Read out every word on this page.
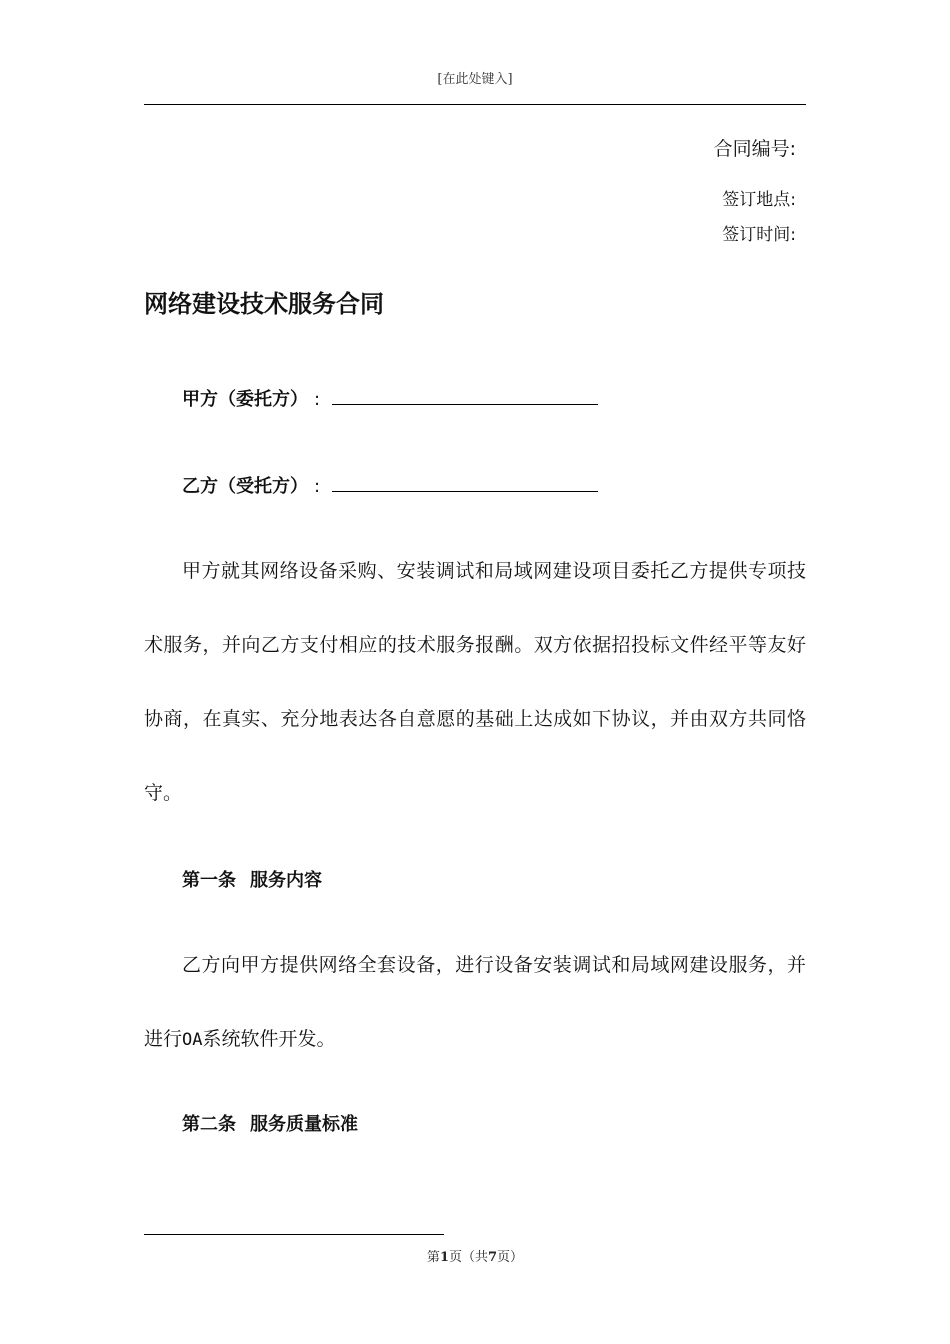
[在此处键入]
合同编号:
签订地点:
签订时间:
网络建设技术服务合同
甲方（委托方） :
乙方（受托方） :
甲方就其网络设备采购、安装调试和局域网建设项目委托乙方提供专项技术服务，并向乙方支付相应的技术服务报酬。双方依据招投标文件经平等友好协商，在真实、充分地表达各自意愿的基础上达成如下协议，并由双方共同恪守。
第一条 服务内容
乙方向甲方提供网络全套设备，进行设备安装调试和局域网建设服务，并进行OA系统软件开发。
第二条 服务质量标准
第1页（共7页）
